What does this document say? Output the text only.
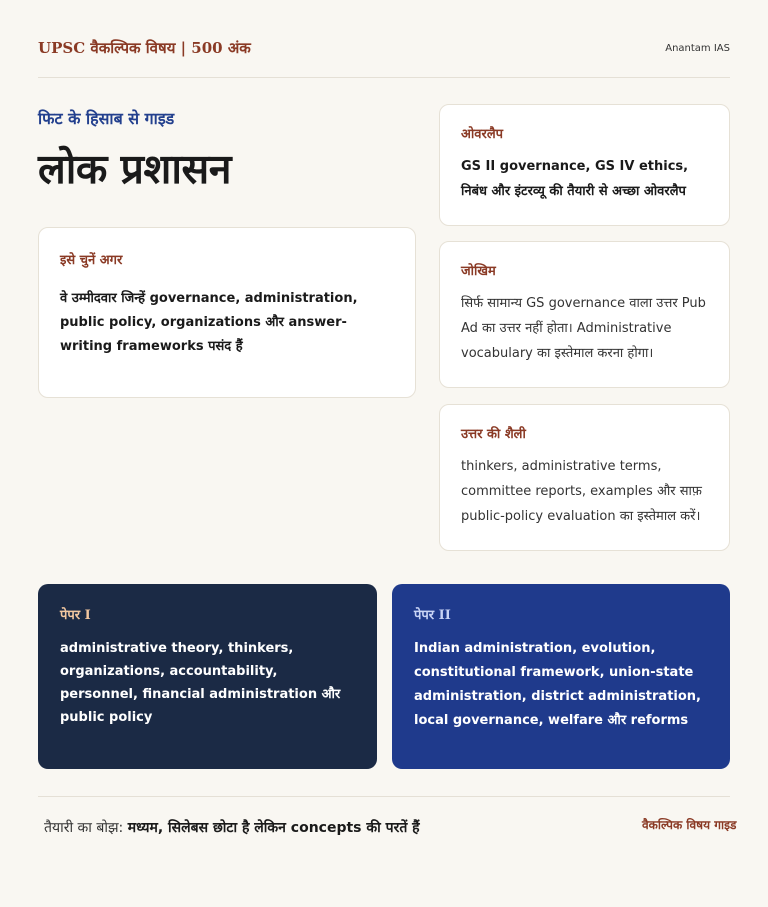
UPSC वैकल्पिक विषय | 500 अंक	Anantam IAS
फिट के हिसाब से गाइड
लोक प्रशासन
इसे चुनें अगर
वे उम्मीदवार जिन्हें governance, administration, public policy, organizations और answer-writing frameworks पसंद हैं
ओवरलैप
GS II governance, GS IV ethics, निबंध और इंटरव्यू की तैयारी से अच्छा ओवरलैप
जोखिम
सिर्फ सामान्य GS governance वाला उत्तर Pub Ad का उत्तर नहीं होता। Administrative vocabulary का इस्तेमाल करना होगा।
उत्तर की शैली
thinkers, administrative terms, committee reports, examples और साफ़ public-policy evaluation का इस्तेमाल करें।
पेपर I
administrative theory, thinkers, organizations, accountability, personnel, financial administration और public policy
पेपर II
Indian administration, evolution, constitutional framework, union-state administration, district administration, local governance, welfare और reforms
तैयारी का बोझ: मध्यम, सिलेबस छोटा है लेकिन concepts की परतें हैं	वैकल्पिक विषय गाइड
